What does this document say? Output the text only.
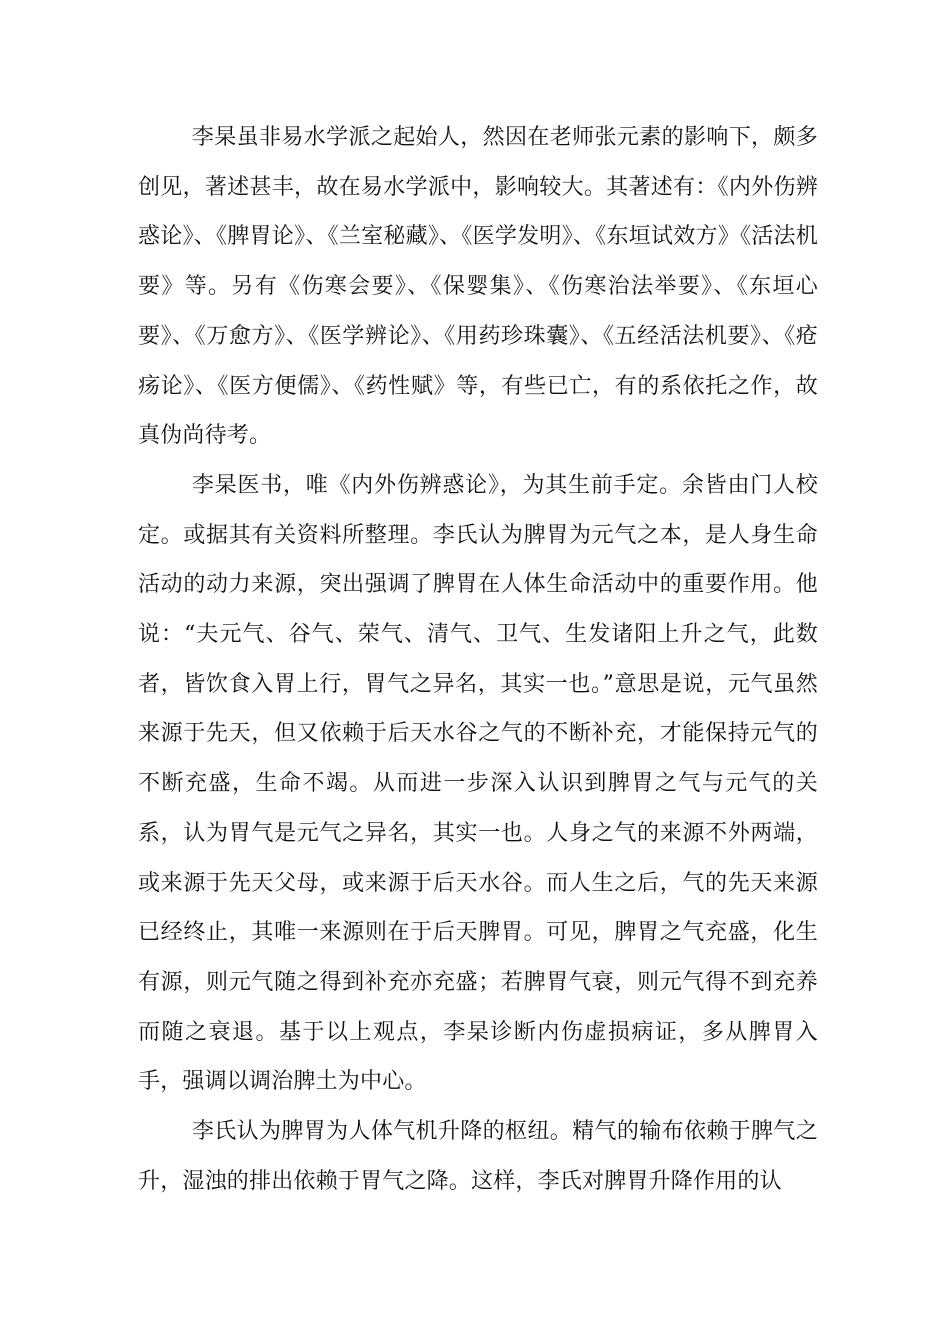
李杲虽非易水学派之起始人，然因在老师张元素的影响下，颇多创见，著述甚丰，故在易水学派中，影响较大。其著述有：《内外伤辨惑论》、《脾胃论》、《兰室秘藏》、《医学发明》、《东垣试效方》《活法机要》等。另有《伤寒会要》、《保婴集》、《伤寒治法举要》、《东垣心要》、《万愈方》、《医学辨论》、《用药珍珠囊》、《五经活法机要》、《疮疡论》、《医方便儒》、《药性赋》等，有些已亡，有的系依托之作，故真伪尚待考。

李杲医书，唯《内外伤辨惑论》，为其生前手定。余皆由门人校定。或据其有关资料所整理。李氏认为脾胃为元气之本，是人身生命活动的动力来源，突出强调了脾胃在人体生命活动中的重要作用。他说：“夫元气、谷气、荣气、清气、卫气、生发诸阳上升之气，此数者，皆饮食入胃上行，胃气之异名，其实一也。”意思是说，元气虽然来源于先天，但又依赖于后天水谷之气的不断补充，才能保持元气的不断充盛，生命不竭。从而进一步深入认识到脾胃之气与元气的关系，认为胃气是元气之异名，其实一也。人身之气的来源不外两端，或来源于先天父母，或来源于后天水谷。而人生之后，气的先天来源已经终止，其唯一来源则在于后天脾胃。可见，脾胃之气充盛，化生有源，则元气随之得到补充亦充盛；若脾胃气衰，则元气得不到充养而随之衰退。基于以上观点，李杲诊断内伤虚损病证，多从脾胃入手，强调以调治脾土为中心。

李氏认为脾胃为人体气机升降的枢纽。精气的输布依赖于脾气之升，湿浊的排出依赖于胃气之降。这样，李氏对脾胃升降作用的认
